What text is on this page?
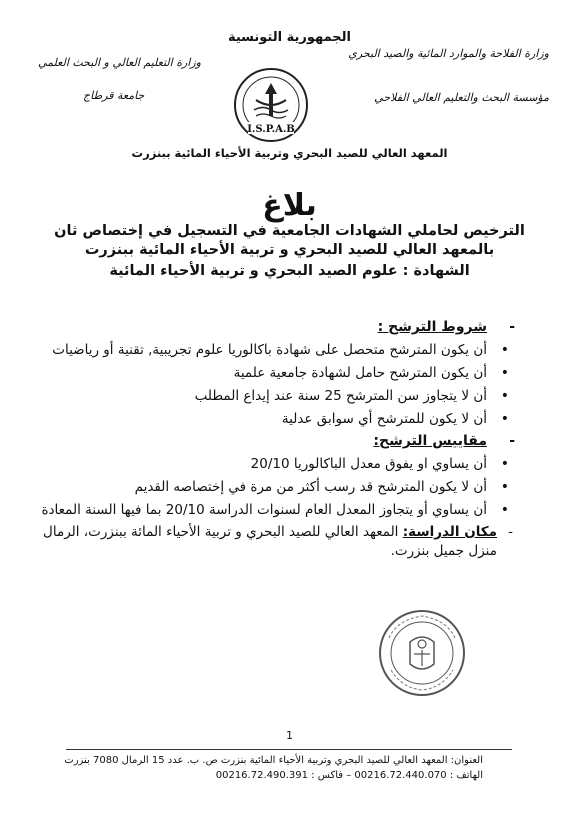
الجمهورية التونسية
وزارة الفلاحة والموارد المائية والصيد البحري
وزارة التعليم العالي و البحث العلمي
مؤسسة البحث والتعليم العالي الفلاحي
جامعة قرطاج
I.S.P.A.B
المعهد العالي للصيد البحري وتربية الأحياء المائية ببنزرت
بلاغ
الترخيص لحاملي الشهادات الجامعية في التسجيل في إختصاص ثان
بالمعهد العالي للصيد البحري و تربية الأحياء المائية ببنزرت
الشهادة : علوم الصيد البحري و تربية الأحياء المائية
-
شروط الترشح :
• أن يكون المترشح متحصل على شهادة باكالوريا علوم تجريبية, تقنية أو رياضيات
• أن يكون المترشح حامل لشهادة جامعية علمية
• أن لا يتجاوز سن المترشح 25 سنة عند إيداع المطلب
• أن لا يكون للمترشح أي سوابق عدلية
-
مقاييس الترشح:
• أن يساوي او يفوق معدل الباكالوريا 20/10
• أن لا يكون المترشح قد رسب أكثر من مرة في إختصاصه القديم
• أن يساوي أو يتجاوز المعدل العام لسنوات الدراسة 20/10 بما فيها السنة المعادة
-
مكان الدراسة: المعهد العالي للصيد البحري و تربية الأحياء المائة ببنزرت، الرمال منزل جميل بنزرت.
1
العنوان: المعهد العالي للصيد البحري وتربية الأحياء المائية بنزرت ص. ب. عدد 15 الرمال 7080 بنزرت
الهاتف : 00216.72.440.070 – فاكس : 00216.72.490.391
